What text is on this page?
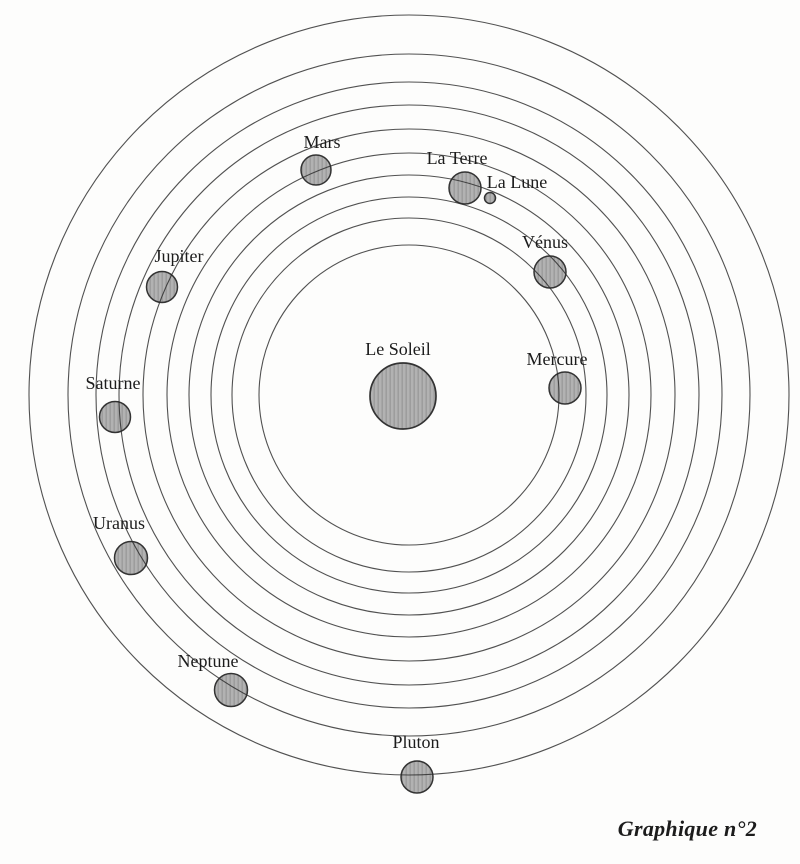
Le Soleil	Mercure
Vénus
La Terre
La Lune
Mars
Jupiter
Saturne
Uranus
Neptune
Pluton
Graphique n°2
